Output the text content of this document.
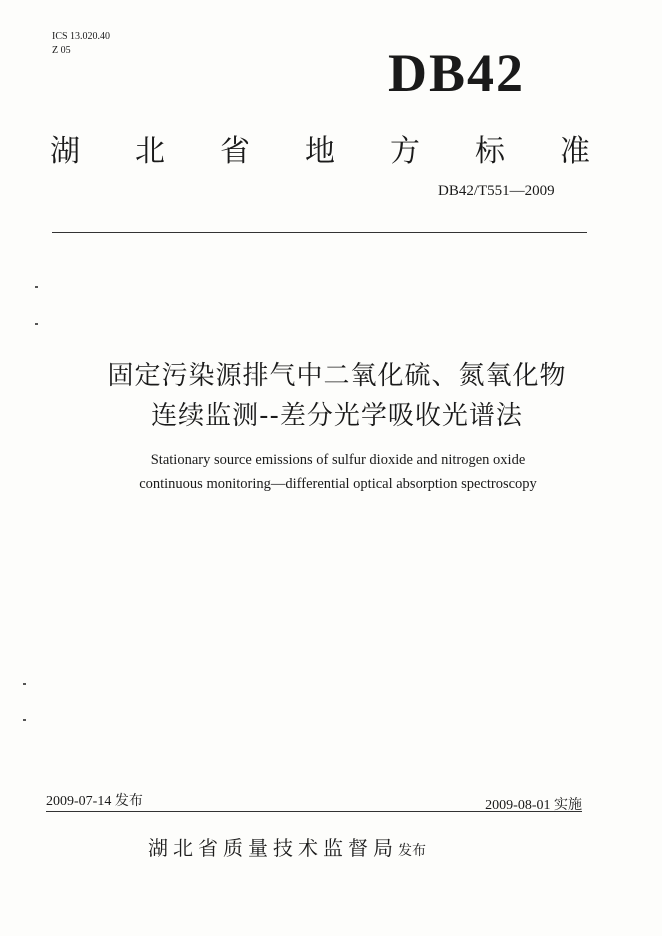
ICS 13.020.40
Z 05	DB42
湖 北 省 地 方 标 准
DB42/T551—2009
固定污染源排气中二氧化硫、氮氧化物
连续监测--差分光学吸收光谱法
Stationary source emissions of sulfur dioxide and nitrogen oxide
continuous monitoring—differential optical absorption spectroscopy
2009-07-14 发布	2009-08-01 实施
湖北省质量技术监督局发布
